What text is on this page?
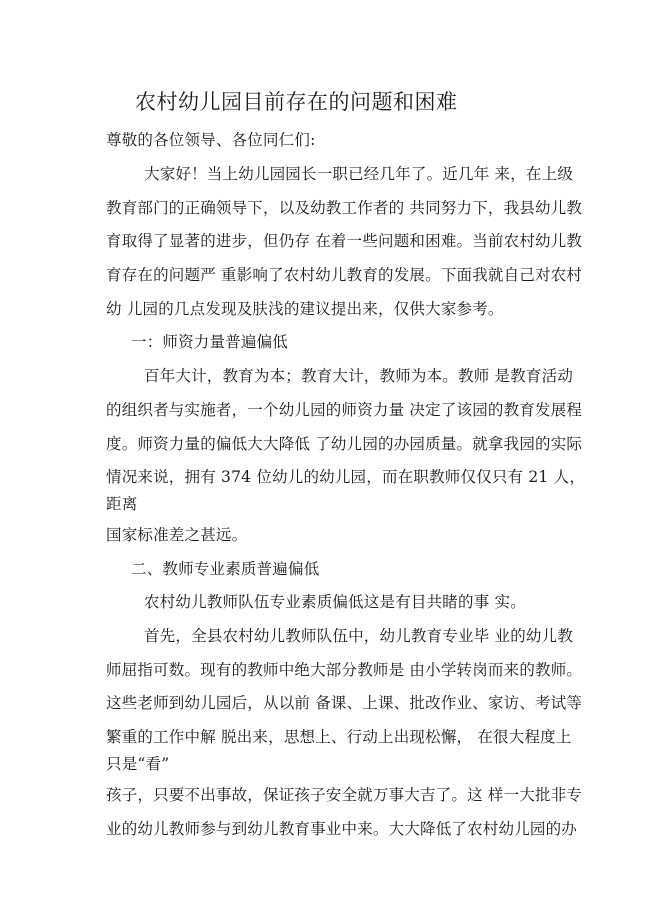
农村幼儿园目前存在的问题和困难
尊敬的各位领导、各位同仁们:
大家好！当上幼儿园园长一职已经几年了。近几年 来，在上级
教育部门的正确领导下，以及幼教工作者的 共同努力下，我县幼儿教
育取得了显著的进步，但仍存 在着一些问题和困难。当前农村幼儿教
育存在的问题严 重影响了农村幼儿教育的发展。下面我就自己对农村
幼 儿园的几点发现及肤浅的建议提出来，仅供大家参考。
一：师资力量普遍偏低
百年大计，教育为本；教育大计，教师为本。教师 是教育活动
的组织者与实施者，一个幼儿园的师资力量 决定了该园的教育发展程
度。师资力量的偏低大大降低 了幼儿园的办园质量。就拿我园的实际
情况来说，拥有 374 位幼儿的幼儿园，而在职教师仅仅只有 21 人，
距离
国家标准差之甚远。
二、教师专业素质普遍偏低
农村幼儿教师队伍专业素质偏低这是有目共睹的事 实。
首先，全县农村幼儿教师队伍中，幼儿教育专业毕 业的幼儿教
师屈指可数。现有的教师中绝大部分教师是 由小学转岗而来的教师。
这些老师到幼儿园后，从以前 备课、上课、批改作业、家访、考试等
繁重的工作中解 脱出来，思想上、行动上出现松懈， 在很大程度上
只是“看”
孩子，只要不出事故，保证孩子安全就万事大吉了。这 样一大批非专
业的幼儿教师参与到幼儿教育事业中来。大大降低了农村幼儿园的办
